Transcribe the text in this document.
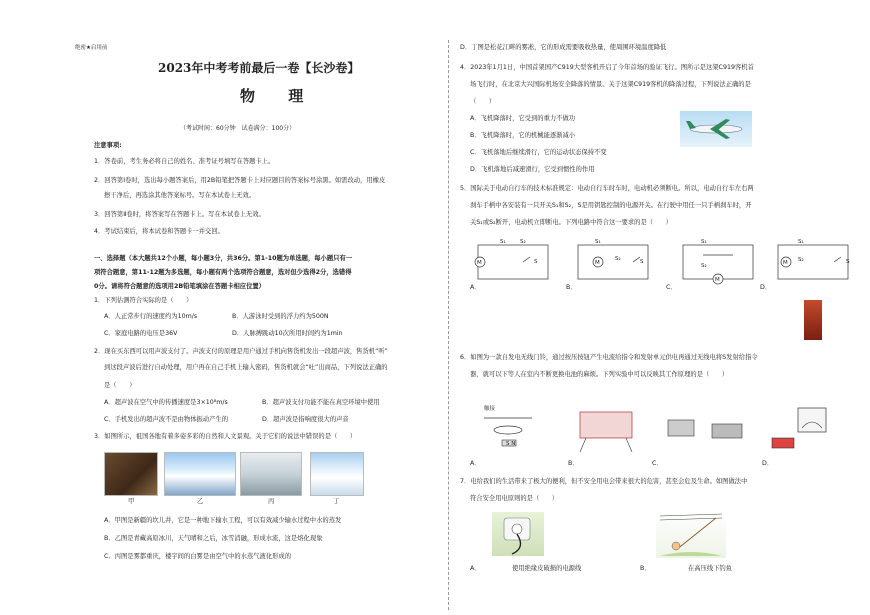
绝密★启用前
2023年中考考前最后一卷【长沙卷】
物 理
（考试时间：60分钟　试卷满分：100分）
注意事项:
1．答卷前，考生务必将自己的姓名、准考证号填写在答题卡上。
2．回答第Ⅰ卷时，选出每小题答案后，用2B铅笔把答题卡上对应题目的答案标号涂黑。如需改动，用橡皮
擦干净后，再选涂其他答案标号。写在本试卷上无效。
3．回答第Ⅱ卷时，将答案写在答题卡上。写在本试卷上无效。
4．考试结束后，将本试卷和答题卡一并交回。
一、选择题（本大题共12个小题，每小题3分，共36分。第1-10题为单选题，每小题只有一
项符合题意，第11-12题为多选题，每小题有两个选项符合题意，选对但少选得2分，选错得
0分。请将符合题意的选项用2B铅笔填涂在答题卡相应位置）
1．下列估测符合实际的是（　　）
A．人正常步行的速度约为10m/s	B．人游泳时受到的浮力约为500N
C．家庭电路的电压是36V	D．人脉搏跳动10次所用时间约为1min
2．现在买东西可以用声波支付了。声波支付的原理是用户通过手机向售货机发出一段超声波，售货机“听”
到这段声波后进行自动处理，用户再在自己手机上输入密码，售货机就会“吐”出商品，下列说法正确的
是（　　）
A．超声波在空气中的传播速度是3×10⁸m/s	B．超声波支付功能不能在真空环境中使用
C．手机发出的超声波不是由物体振动产生的	D．超声波是指响度很大的声音
3．如图所示，祖国各地有着多姿多彩的自然和人文景观。关于它们的说法中错误的是（　　）
甲	乙	丙	丁
A．甲图是新疆的坎儿井，它是一种地下输水工程，可以有效减少输水过程中水的蒸发
B．乙图是青藏高原冰川，天气晴和之后，冰雪消融，形成水流，这是熔化现象
C．丙图是雾都重庆，楼宇间的白雾是由空气中的水蒸气液化形成的
D．丁图是松花江畔的雾凇，它的形成需要吸收热量，使周围环境温度降低
4．2023年1月1日，中国首架国产C919大型客机开启了今年首场的验证飞行。图所示是这架C919客机首
场飞行时，在北京大兴国际机场安全降落的情景。关于这架C919客机的降落过程，下列说法正确的是
（　　）
A．飞机降落时，它受到的重力不做功
B．飞机降落时，它的机械能逐渐减小
C．飞机落地后继续滑行，它的运动状态保持不变
D．飞机落地后减速滑行，它受到惯性的作用
5．国际关于电动自行车的技术标准规定：电动自行车时车时，电动机必须断电。所以，电动自行车左右两
刹车手柄中各安装有一只开关S₁和S₂，S是用钥匙控制的电源开关。在行驶中用任一只手柄刹车时，开
关S₁或S₂断开，电动机立即断电。下列电路中符合这一要求的是（　　）
S₁	S₂
M	S
S₁
M
S₂	S
S₁
S₂
M
S₁
S₂
M	S
A．	B．	C．	D．
6．如图为一款自发电无线门铃，通过按压按钮产生电流给指令和发射单元供电再通过无线电将S发射给指令
器，就可以下等人在室内不断更换电池的麻烦。下列实验中可以反映其工作原理的是（　　）
触接
S N
A．	B．	C．	D．
7．电给我们的生活带来了极大的便利，但不安全用电会带来很大的危害，甚至会危及生命。如图做法中
符合安全用电原则的是（　　）
A．	使用绝缘皮破损的电源线	B．	在高压线下钓鱼
